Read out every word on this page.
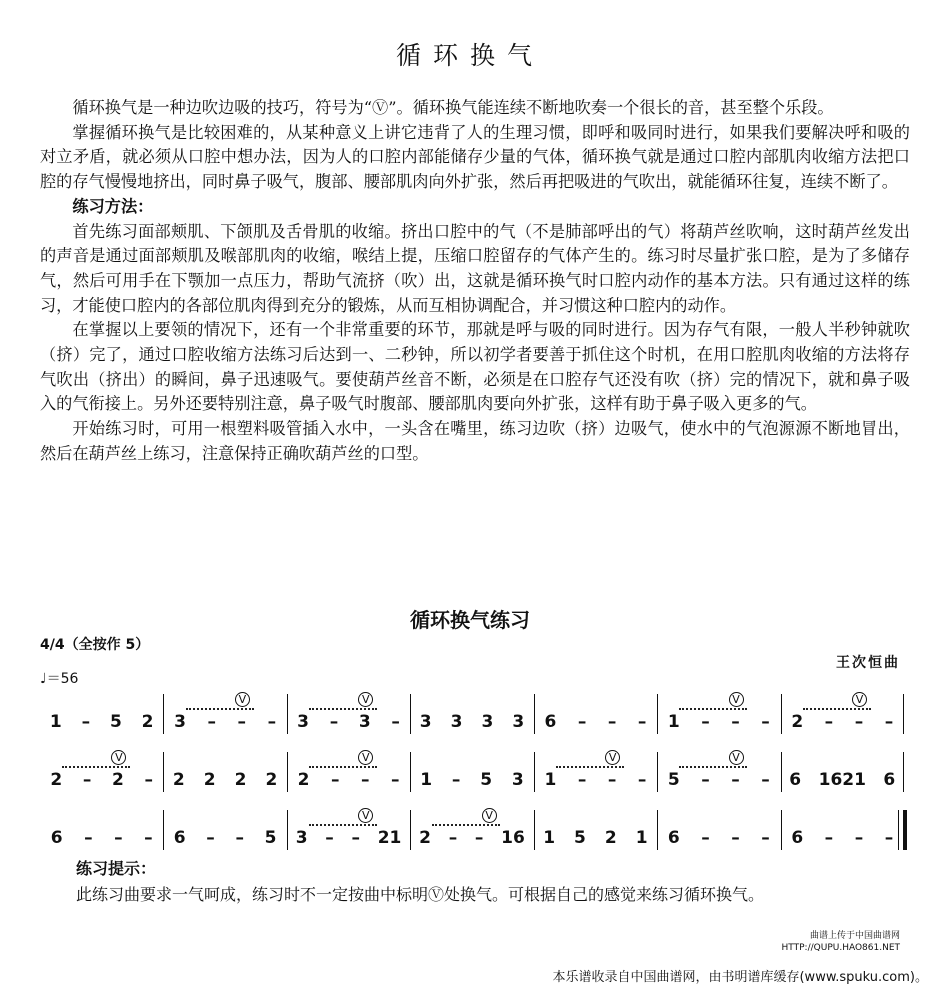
循环换气

循环换气是一种边吹边吸的技巧，符号为“Ⓥ”。循环换气能连续不断地吹奏一个很长的音，甚至整个乐段。

掌握循环换气是比较困难的，从某种意义上讲它违背了人的生理习惯，即呼和吸同时进行，如果我们要解决呼和吸的对立矛盾，就必须从口腔中想办法，因为人的口腔内部能储存少量的气体，循环换气就是通过口腔内部肌肉收缩方法把口腔的存气慢慢地挤出，同时鼻子吸气，腹部、腰部肌肉向外扩张，然后再把吸进的气吹出，就能循环往复，连续不断了。

练习方法：

首先练习面部颊肌、下颌肌及舌骨肌的收缩。挤出口腔中的气（不是肺部呼出的气）将葫芦丝吹响，这时葫芦丝发出的声音是通过面部颊肌及喉部肌肉的收缩，喉结上提，压缩口腔留存的气体产生的。练习时尽量扩张口腔，是为了多储存气，然后可用手在下颚加一点压力，帮助气流挤（吹）出，这就是循环换气时口腔内动作的基本方法。只有通过这样的练习，才能使口腔内的各部位肌肉得到充分的锻炼，从而互相协调配合，并习惯这种口腔内的动作。

在掌握以上要领的情况下，还有一个非常重要的环节，那就是呼与吸的同时进行。因为存气有限，一般人半秒钟就吹（挤）完了，通过口腔收缩方法练习后达到一、二秒钟，所以初学者要善于抓住这个时机，在用口腔肌肉收缩的方法将存气吹出（挤出）的瞬间，鼻子迅速吸气。要使葫芦丝音不断，必须是在口腔存气还没有吹（挤）完的情况下，就和鼻子吸入的气衔接上。另外还要特别注意，鼻子吸气时腹部、腰部肌肉要向外扩张，这样有助于鼻子吸入更多的气。

开始练习时，可用一根塑料吸管插入水中，一头含在嘴里，练习边吹（挤）边吸气，使水中的气泡源源不断地冒出，然后在葫芦丝上练习，注意保持正确吹葫芦丝的口型。

循环换气练习
4/4（全按作 5）
♩＝56
王次恒曲
1 – 5 2 3 – – –
V
3 – 3 –
V
3 3 3 3 6 – – – 1 – – –
V
2 – – –
V
2 – 2 –
V
2 2 2 2 2 – – –
V
1 – 5 3 1 – – –
V
5 – – –
V
6 1621 6
6 – – – 6 – – 5 3 – – 21
V
2 – – 16
V
1 5 2 1 6 – – – 6 – – –
练习提示：
此练习曲要求一气呵成，练习时不一定按曲中标明Ⓥ处换气。可根据自己的感觉来练习循环换气。
曲谱上传于中国曲谱网
HTTP://QUPU.HAO861.NET
本乐谱收录自中国曲谱网，由书明谱库缓存(www.spuku.com)。
